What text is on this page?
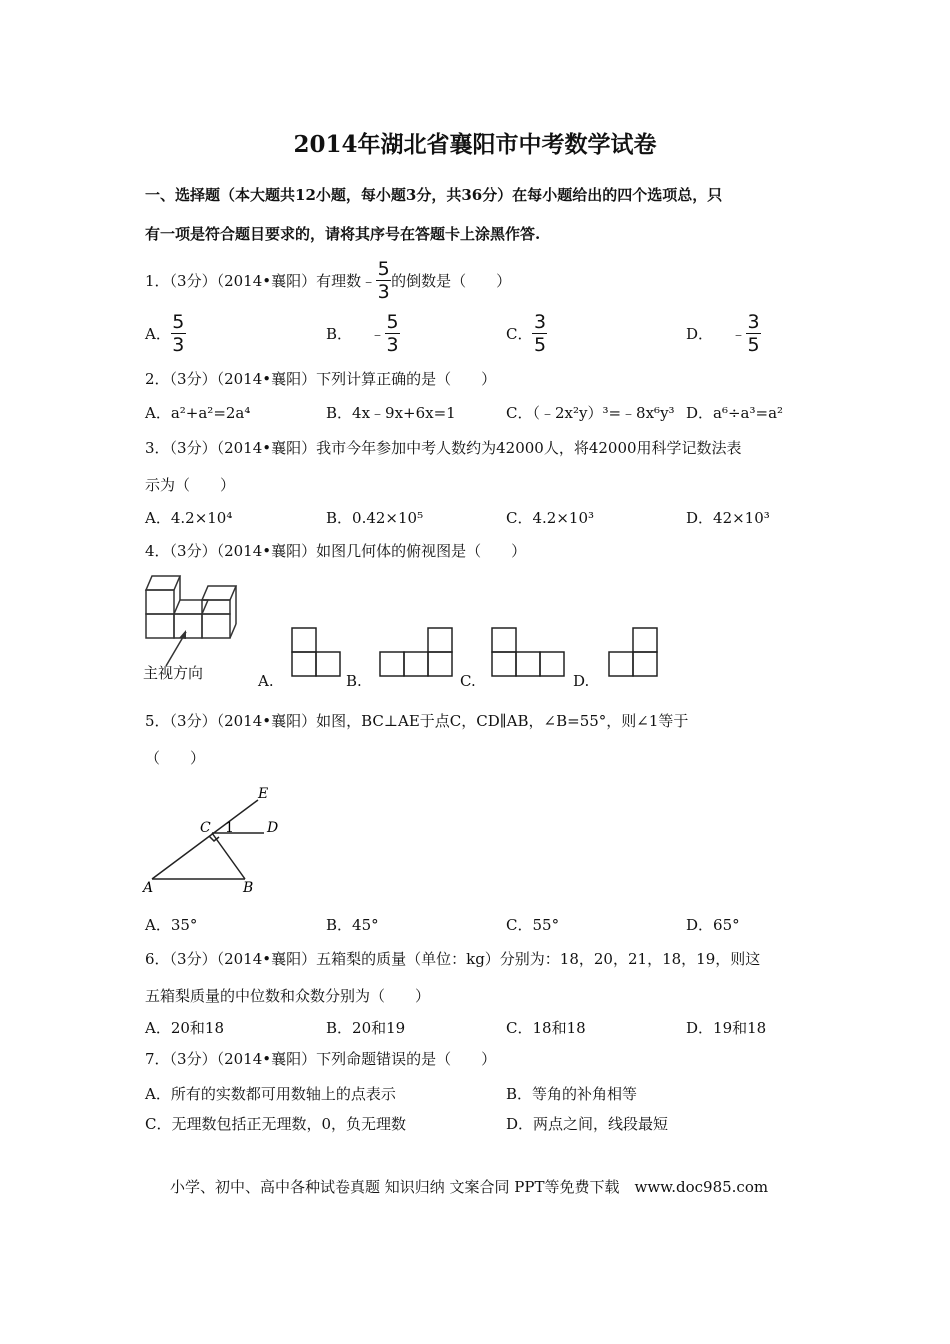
2014年湖北省襄阳市中考数学试卷
一、选择题（本大题共12小题，每小题3分，共36分）在每小题给出的四个选项总，只
有一项是符合题目要求的，请将其序号在答题卡上涂黑作答.
1．（3分）（2014•襄阳）有理数﹣ $\frac{5}{3}$ 的倒数是（　　）
A． $\frac{5}{3}$	B． ﹣ $\frac{5}{3}$	C． $\frac{3}{5}$	D． ﹣ $\frac{3}{5}$
2．（3分）（2014•襄阳）下列计算正确的是（　　）
A．a²+a²=2a⁴	B．4x﹣9x+6x=1	C．（﹣2x²y）³=﹣8x⁶y³ D．a⁶÷a³=a²
3．（3分）（2014•襄阳）我市今年参加中考人数约为42000人，将42000用科学记数法表
示为（　　）
A．4.2×10⁴	B．0.42×10⁵	C．4.2×10³	D．42×10³
4．（3分）（2014•襄阳）如图几何体的俯视图是（　　）
主视方向	A.	B.	C.	D.
5．（3分）（2014•襄阳）如图，BC⊥AE于点C，CD∥AB，∠B=55°，则∠1等于
（　　）
E
C 1 D
A	B
A．35°	B．45°	C．55°	D．65°
6．（3分）（2014•襄阳）五箱梨的质量（单位：kg）分别为：18，20，21，18，19，则这
五箱梨质量的中位数和众数分别为（　　）
A．20和18	B．20和19	C．18和18	D．19和18
7．（3分）（2014•襄阳）下列命题错误的是（　　）
A．所有的实数都可用数轴上的点表示	B．等角的补角相等
C．无理数包括正无理数，0，负无理数	D．两点之间，线段最短
小学、初中、高中各种试卷真题 知识归纳 文案合同 PPT等免费下载　www.doc985.com
